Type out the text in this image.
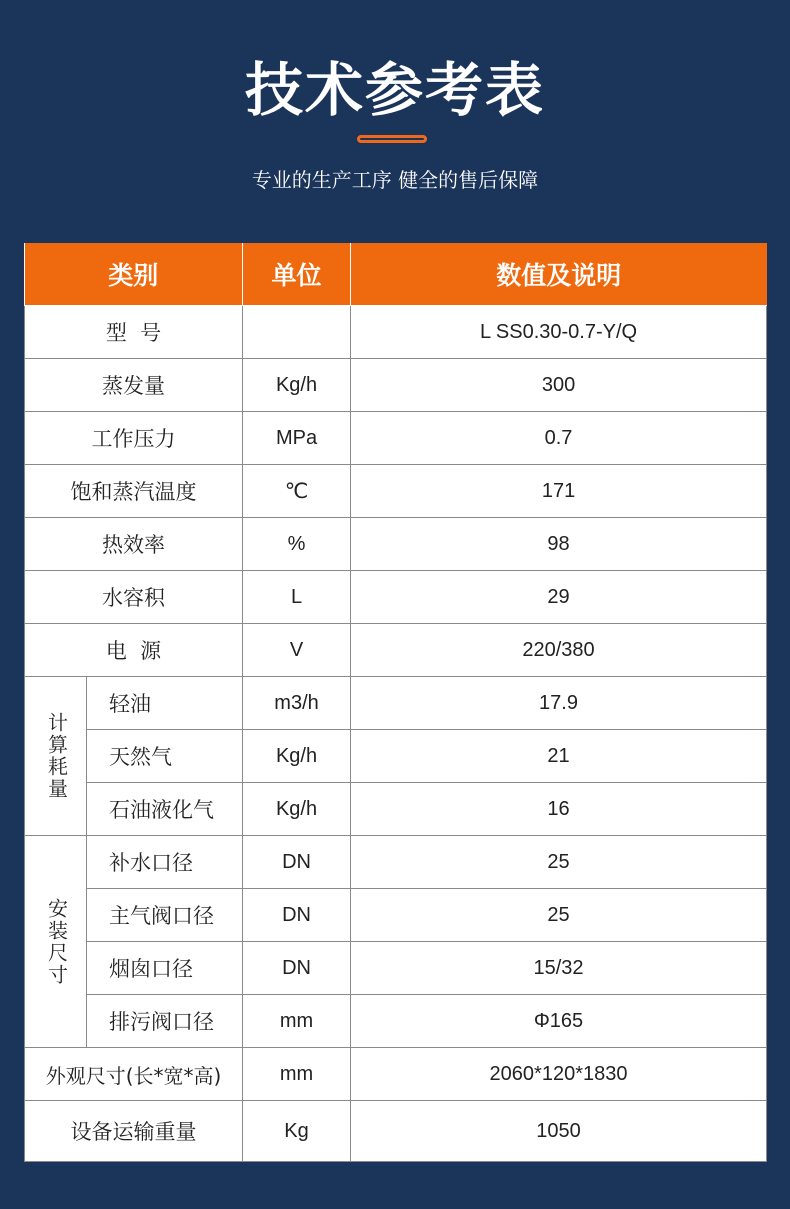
技术参考表
专业的生产工序 健全的售后保障
类别		单位	数值及说明
型  号			L SS0.30-0.7-Y/Q
蒸发量		Kg/h	300
工作压力		MPa	0.7
饱和蒸汽温度		℃	171
热效率		%	98
水容积		L	29
电  源		V	220/380
计算耗量	轻油	m3/h	17.9
	天然气	Kg/h	21
	石油液化气	Kg/h	16
安装尺寸	补水口径	DN	25
	主气阀口径	DN	25
	烟囱口径	DN	15/32
	排污阀口径	mm	Φ165
外观尺寸(长*宽*高)		mm	2060*120*1830
设备运输重量		Kg	1050
